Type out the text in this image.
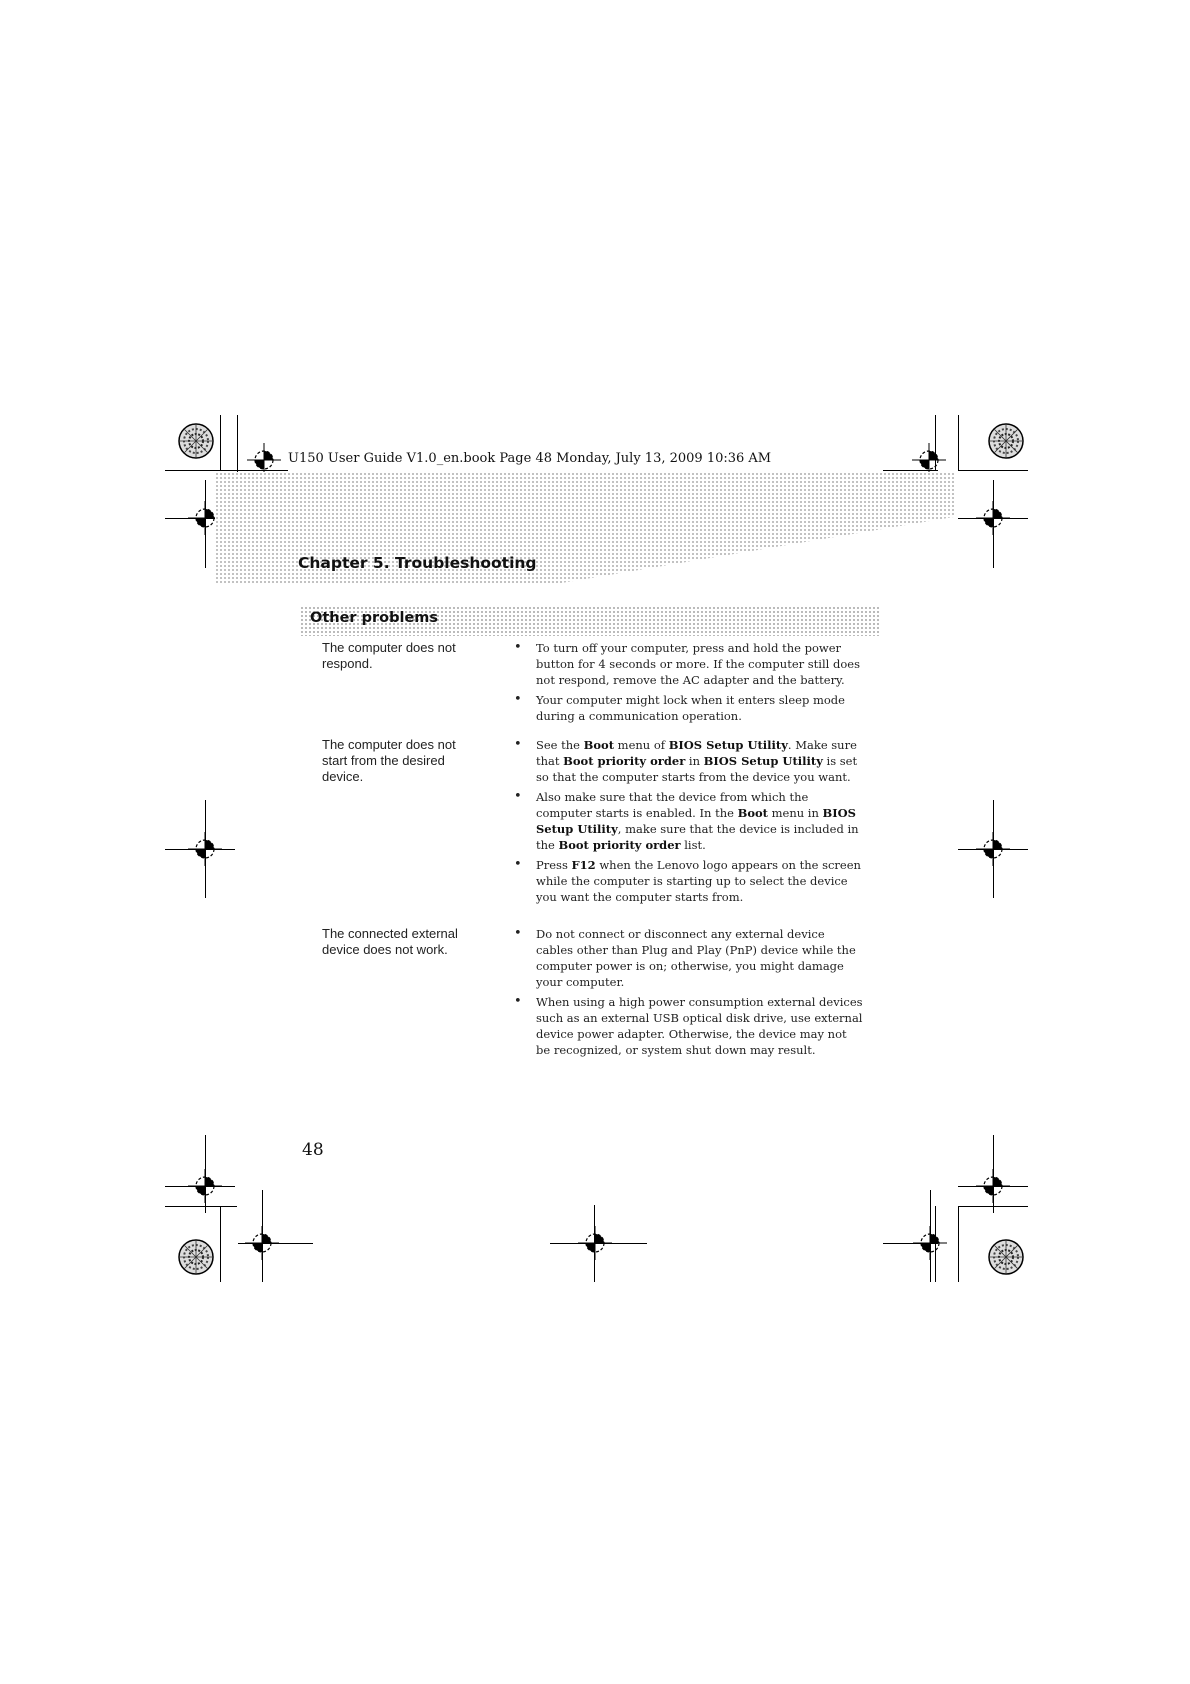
U150 User Guide V1.0_en.book Page 48 Monday, July 13, 2009 10:36 AM
Chapter 5. Troubleshooting
Other problems
The computer does not respond.
• To turn off your computer, press and hold the power button for 4 seconds or more. If the computer still does not respond, remove the AC adapter and the battery.
• Your computer might lock when it enters sleep mode during a communication operation.
The computer does not start from the desired device.
• See the Boot menu of BIOS Setup Utility. Make sure that Boot priority order in BIOS Setup Utility is set so that the computer starts from the device you want.
• Also make sure that the device from which the computer starts is enabled. In the Boot menu in BIOS Setup Utility, make sure that the device is included in the Boot priority order list.
• Press F12 when the Lenovo logo appears on the screen while the computer is starting up to select the device you want the computer starts from.
The connected external device does not work.
• Do not connect or disconnect any external device cables other than Plug and Play (PnP) device while the computer power is on; otherwise, you might damage your computer.
• When using a high power consumption external devices such as an external USB optical disk drive, use external device power adapter. Otherwise, the device may not be recognized, or system shut down may result.
48
